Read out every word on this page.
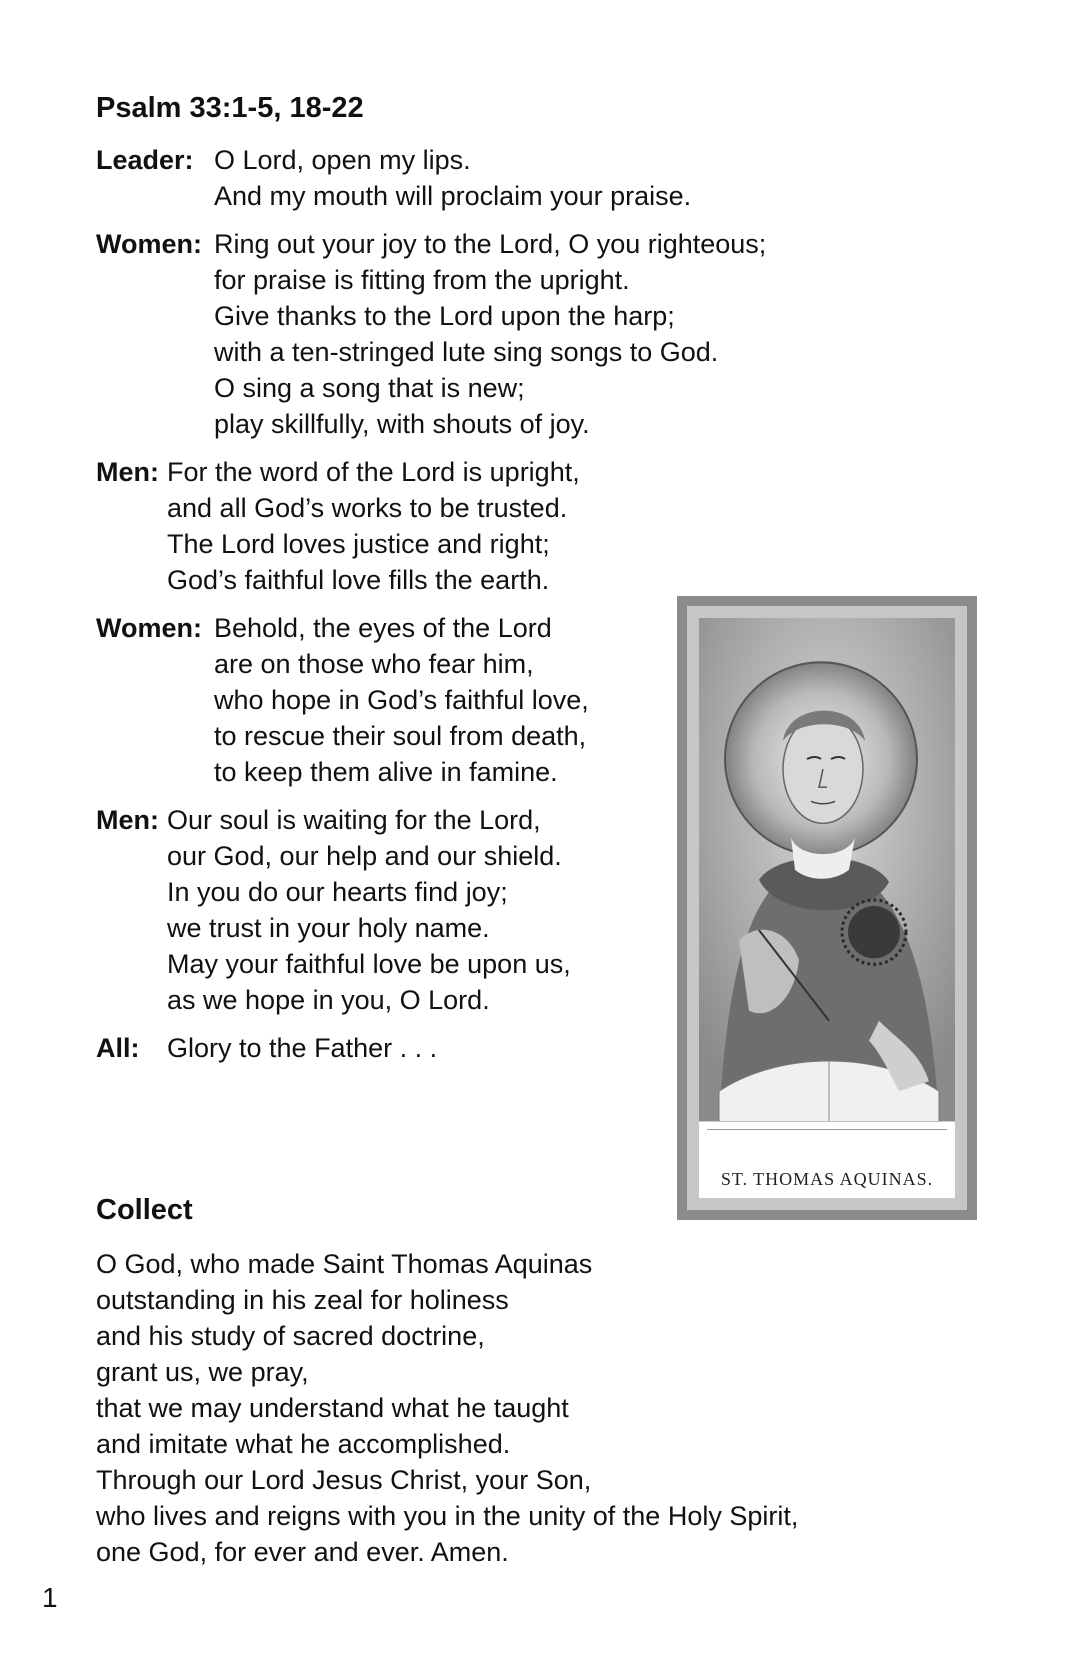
Psalm 33:1-5, 18-22
Leader: O Lord, open my lips.
And my mouth will proclaim your praise.
Women: Ring out your joy to the Lord, O you righteous;
for praise is fitting from the upright.
Give thanks to the Lord upon the harp;
with a ten-stringed lute sing songs to God.
O sing a song that is new;
play skillfully, with shouts of joy.
Men: For the word of the Lord is upright,
and all God’s works to be trusted.
The Lord loves justice and right;
God’s faithful love fills the earth.
Women: Behold, the eyes of the Lord
are on those who fear him,
who hope in God’s faithful love,
to rescue their soul from death,
to keep them alive in famine.
Men: Our soul is waiting for the Lord,
our God, our help and our shield.
In you do our hearts find joy;
we trust in your holy name.
May your faithful love be upon us,
as we hope in you, O Lord.
All: Glory to the Father . . .
ST. THOMAS AQUINAS.
Collect
O God, who made Saint Thomas Aquinas
outstanding in his zeal for holiness
and his study of sacred doctrine,
grant us, we pray,
that we may understand what he taught
and imitate what he accomplished.
Through our Lord Jesus Christ, your Son,
who lives and reigns with you in the unity of the Holy Spirit,
one God, for ever and ever. Amen.
1
